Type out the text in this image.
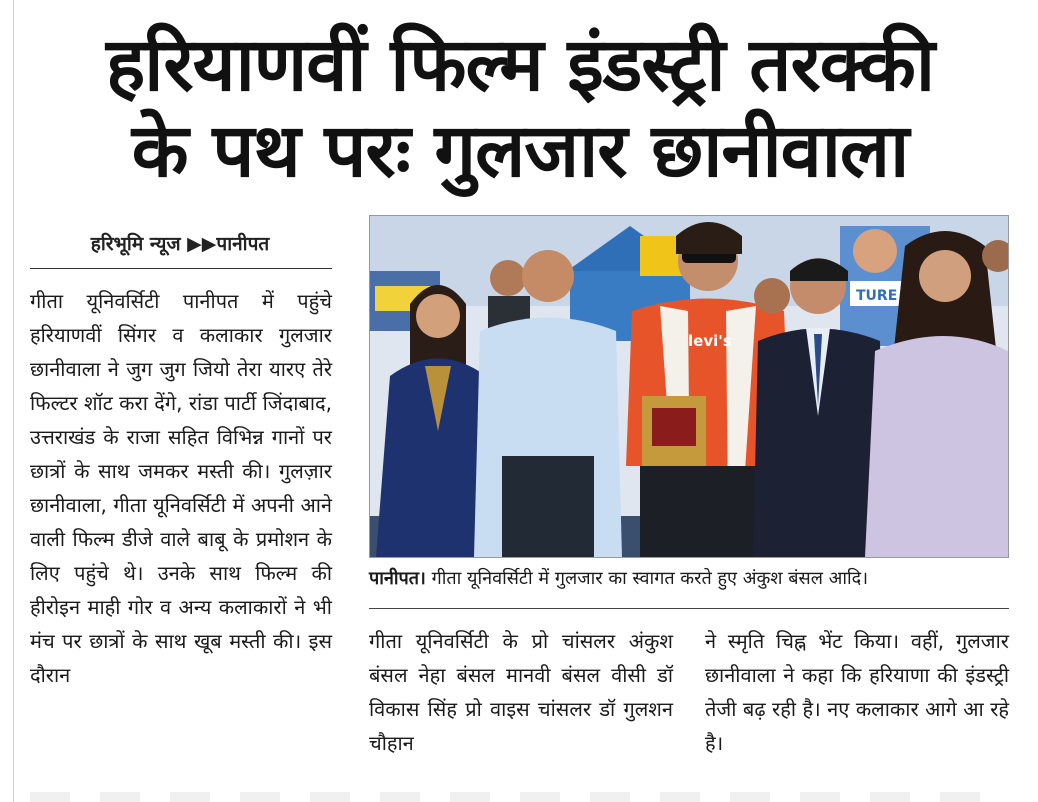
हरियाणवीं फिल्म इंडस्ट्री तरक्की
के पथ परः गुलजार छानीवाला
हरिभूमि न्यूज ▶▶पानीपत

गीता यूनिवर्सिटी पानीपत में पहुंचे हरियाणवीं सिंगर व कलाकार गुलजार छानीवाला ने जुग जुग जियो तेरा यारए तेरे फिल्टर शॉट करा देंगे, रांडा पार्टी जिंदाबाद, उत्तराखंड के राजा सहित विभिन्न गानों पर छात्रों के साथ जमकर मस्ती की। गुलज़ार छानीवाला, गीता यूनिवर्सिटी में अपनी आने वाली फिल्म डीजे वाले बाबू के प्रमोशन के लिए पहुंचे थे। उनके साथ फिल्म की हीरोइन माही गोर व अन्य कलाकारों ने भी मंच पर छात्रों के साथ खूब मस्ती की। इस दौरान

TURE
levi's
पानीपत। गीता यूनिवर्सिटी में गुलजार का स्वागत करते हुए अंकुश बंसल आदि।

गीता यूनिवर्सिटी के प्रो चांसलर अंकुश बंसल नेहा बंसल मानवी बंसल वीसी डॉ विकास सिंह प्रो वाइस चांसलर डॉ गुलशन चौहान

ने स्मृति चिह्न भेंट किया। वहीं, गुलजार छानीवाला ने कहा कि हरियाणा की इंडस्ट्री तेजी बढ़ रही है। नए कलाकार आगे आ रहे है।
